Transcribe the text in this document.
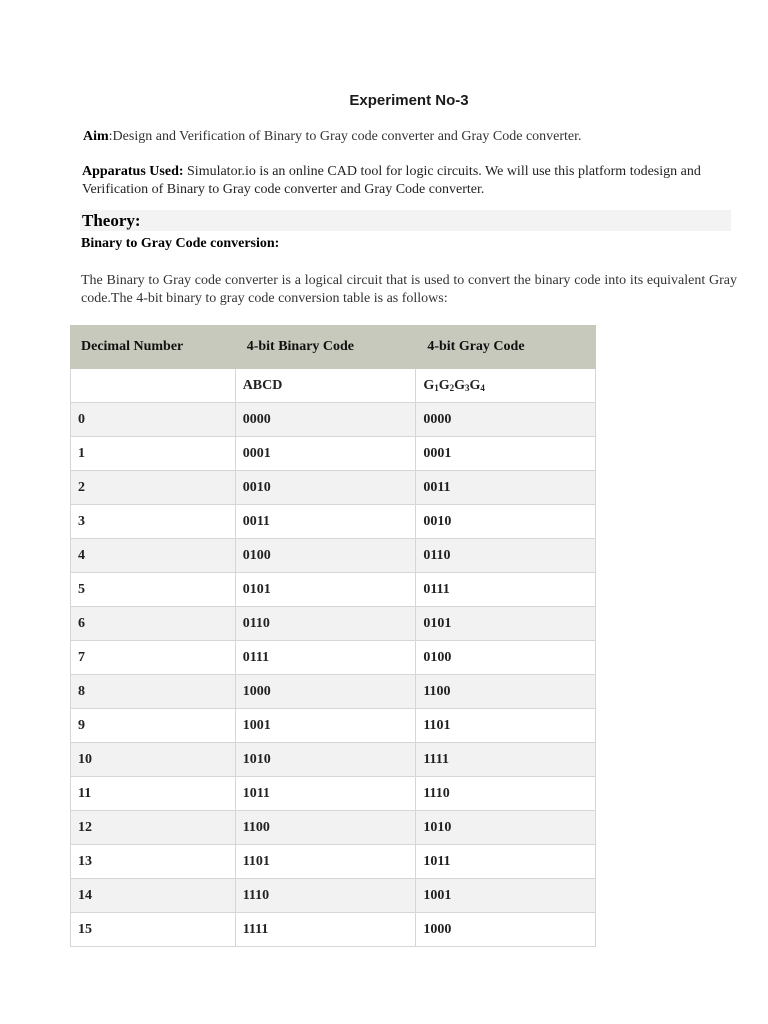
Experiment No-3
Aim:Design and Verification of Binary to Gray code converter and Gray Code converter.
Apparatus Used: Simulator.io is an online CAD tool for logic circuits. We will use this platform todesign and Verification of Binary to Gray code converter and Gray Code converter.
Theory:
Binary to Gray Code conversion:
The Binary to Gray code converter is a logical circuit that is used to convert the binary code into its equivalent Gray code.The 4-bit binary to gray code conversion table is as follows:
Decimal Number	4-bit Binary Code	4-bit Gray Code
	ABCD	$G_1G_2G_3G_4$
0	0000	0000
1	0001	0001
2	0010	0011
3	0011	0010
4	0100	0110
5	0101	0111
6	0110	0101
7	0111	0100
8	1000	1100
9	1001	1101
10	1010	1111
11	1011	1110
12	1100	1010
13	1101	1011
14	1110	1001
15	1111	1000
